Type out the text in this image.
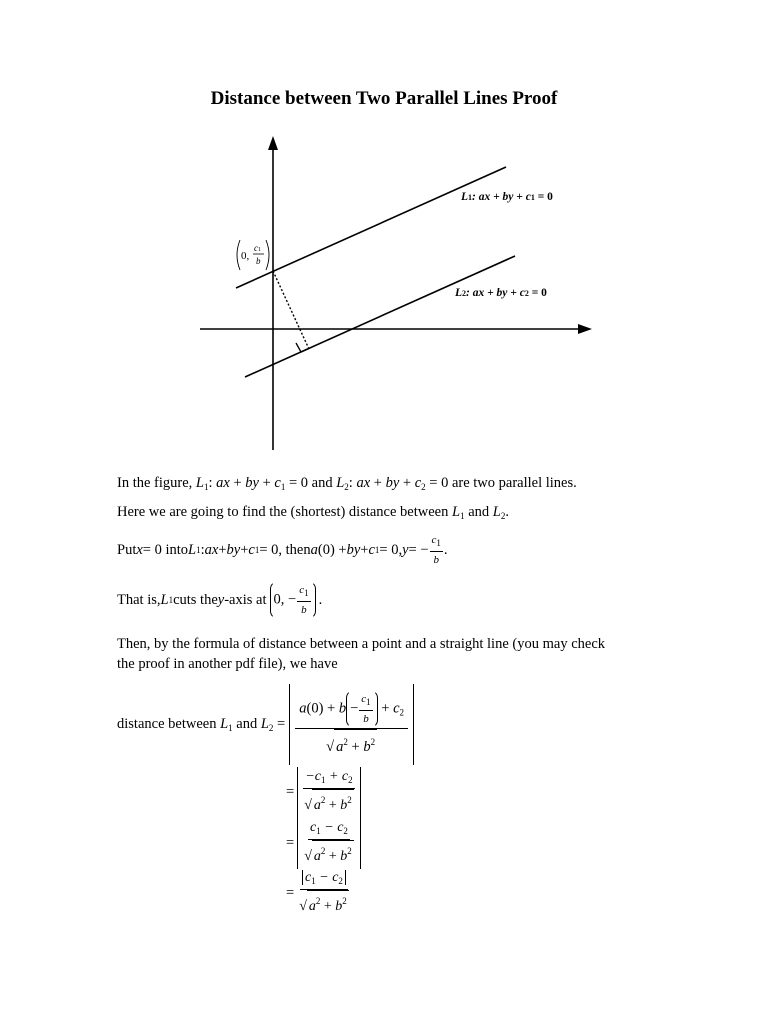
Distance between Two Parallel Lines Proof
L1: ax + by + c1 = 0
L2: ax + by + c2 = 0
0,
c1
b
In the figure, $L_1$: ax + by + $c_1 = 0$ and $L_2$: ax + by + $c_2 = 0$ are two parallel lines.
Here we are going to find the (shortest) distance between $L_1$ and $L_2$.
Put x = 0 into L 1 : ax + by + c 1 = 0, then a (0) + by + c 1 = 0, y = − $\frac{c_1}{b}$ .
That is, L 1 cuts the y -axis at 0, − $\frac{c_1}{b}$ .
Then, by the formula of distance between a point and a straight line (you may check
the proof in another pdf file), we have
distance between $L_1$ and $L_2 = \frac{a(0) + b - \frac{c_1}{b} + c_2}{√ a^2 + b^2}$
= $\frac{-c_1 + c_2}{√ a^2 + b^2}$
= $\frac{c_1 - c_2}{√ a^2 + b^2}$
= $\frac{c_1 - c_2}{√ a^2 + b^2}$
